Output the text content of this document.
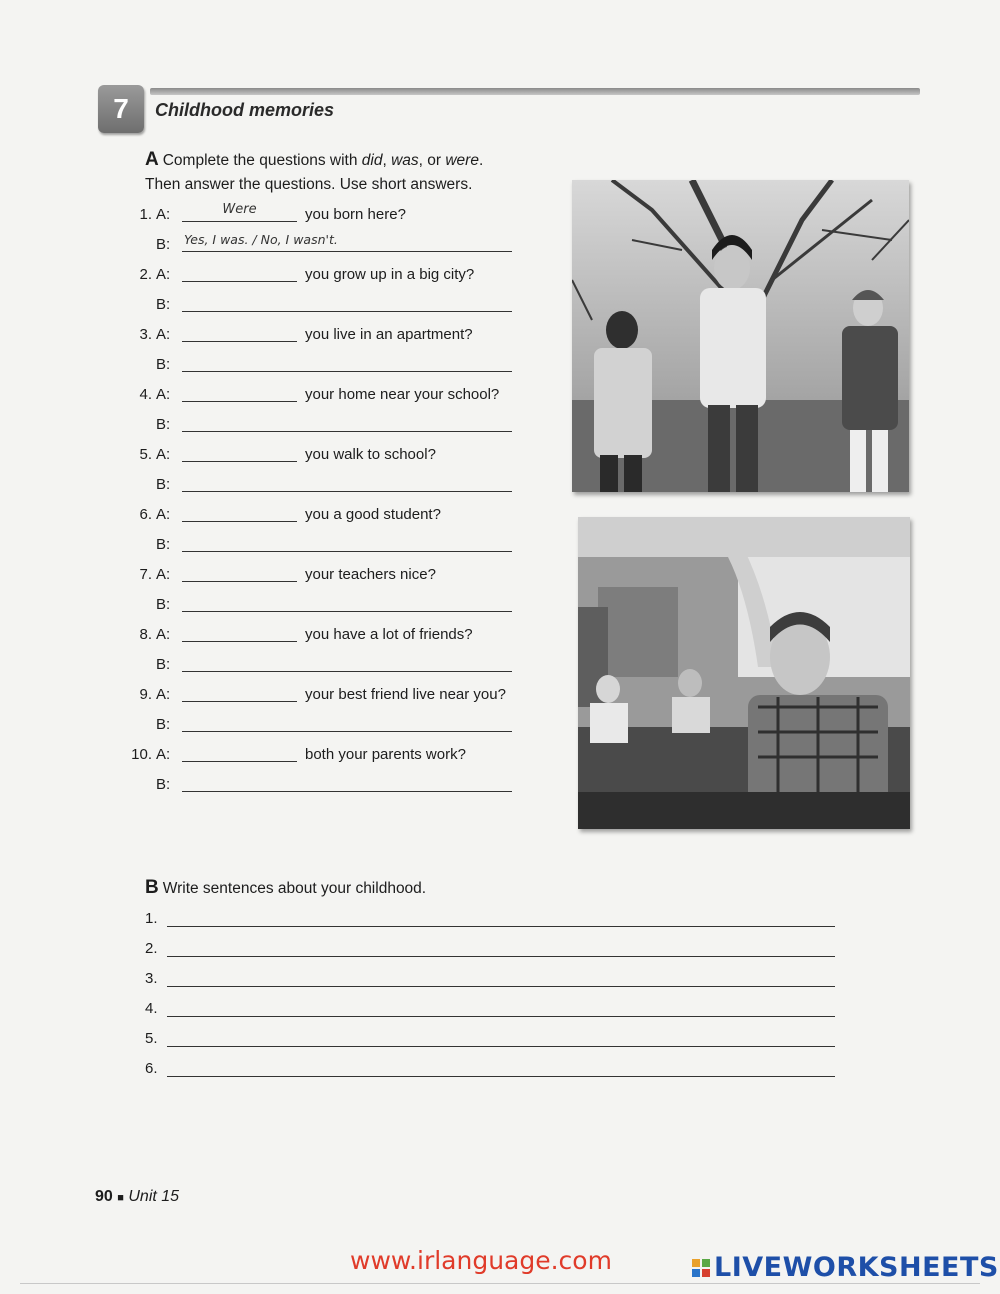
7 Childhood memories
A Complete the questions with did, was, or were.
Then answer the questions. Use short answers.
1. A:	Were	you born here?
B: Yes, I was. / No, I wasn't.
2. A:	you grow up in a big city?
B:
3. A:	you live in an apartment?
B:
4. A:	your home near your school?
B:
5. A:	you walk to school?
B:
6. A:	you a good student?
B:
7. A:	your teachers nice?
B:
8. A:	you have a lot of friends?
B:
9. A:	your best friend live near you?
B:
10. A:	both your parents work?
B:
B Write sentences about your childhood.
1.
2.
3.
4.
5.
6.
90 ■ Unit 15
www.irlanguage.com	LIVEWORKSHEETS
